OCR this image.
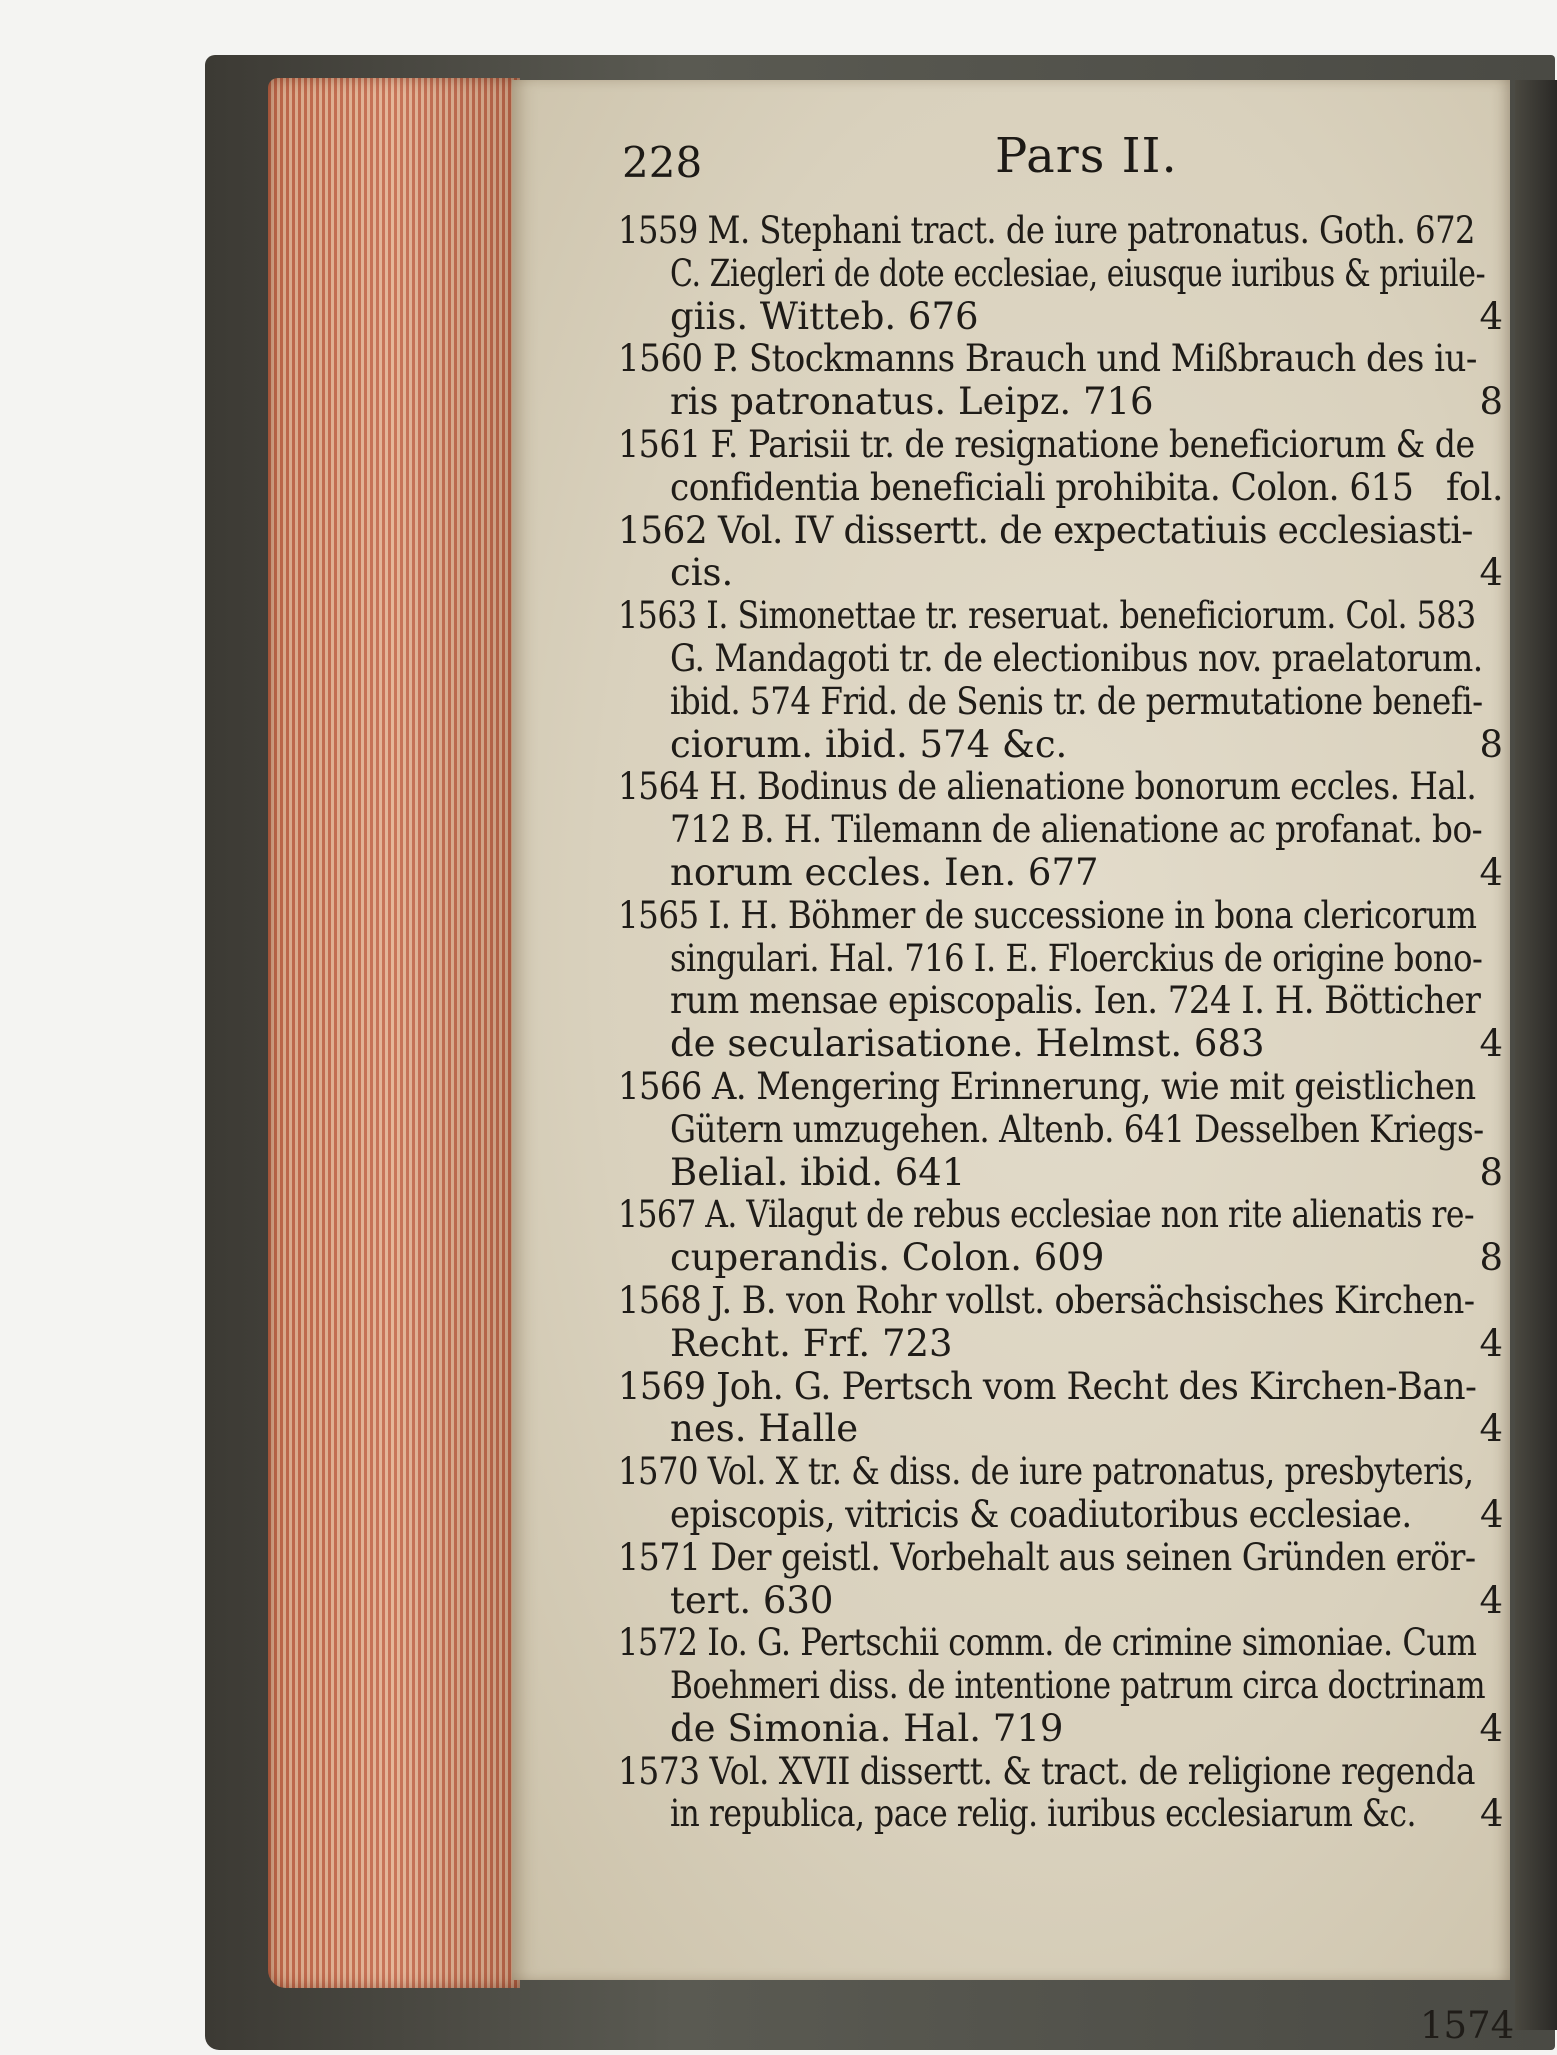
228	Pars II.
1559 M. Stephani tract. de iure patronatus. Goth. 672
C. Ziegleri de dote ecclesiae, eiusque iuribus & priuile-
giis. Witteb. 676	4
1560 P. Stockmanns Brauch und Mißbrauch des iu-
ris patronatus. Leipz. 716	8
1561 F. Parisii tr. de resignatione beneficiorum & de
confidentia beneficiali prohibita. Colon. 615 fol.
1562 Vol. IV dissertt. de expectatiuis ecclesiasti-
cis.	4
1563 I. Simonettae tr. reseruat. beneficiorum. Col. 583
G. Mandagoti tr. de electionibus nov. praelatorum.
ibid. 574 Frid. de Senis tr. de permutatione benefi-
ciorum. ibid. 574 &c.	8
1564 H. Bodinus de alienatione bonorum eccles. Hal.
712 B. H. Tilemann de alienatione ac profanat. bo-
norum eccles. Ien. 677	4
1565 I. H. Böhmer de successione in bona clericorum
singulari. Hal. 716 I. E. Floerckius de origine bono-
rum mensae episcopalis. Ien. 724 I. H. Bötticher
de secularisatione. Helmst. 683	4
1566 A. Mengering Erinnerung, wie mit geistlichen
Gütern umzugehen. Altenb. 641 Desselben Kriegs-
Belial. ibid. 641	8
1567 A. Vilagut de rebus ecclesiae non rite alienatis re-
cuperandis. Colon. 609	8
1568 J. B. von Rohr vollst. obersächsisches Kirchen-
Recht. Frf. 723	4
1569 Joh. G. Pertsch vom Recht des Kirchen-Ban-
nes. Halle	4
1570 Vol. X tr. & diss. de iure patronatus, presbyteris,
episcopis, vitricis & coadiutoribus ecclesiae. 4
1571 Der geistl. Vorbehalt aus seinen Gründen erör-
tert. 630	4
1572 Io. G. Pertschii comm. de crimine simoniae. Cum
Boehmeri diss. de intentione patrum circa doctrinam
de Simonia. Hal. 719	4
1573 Vol. XVII dissertt. & tract. de religione regenda
in republica, pace relig. iuribus ecclesiarum &c. 4
1574
